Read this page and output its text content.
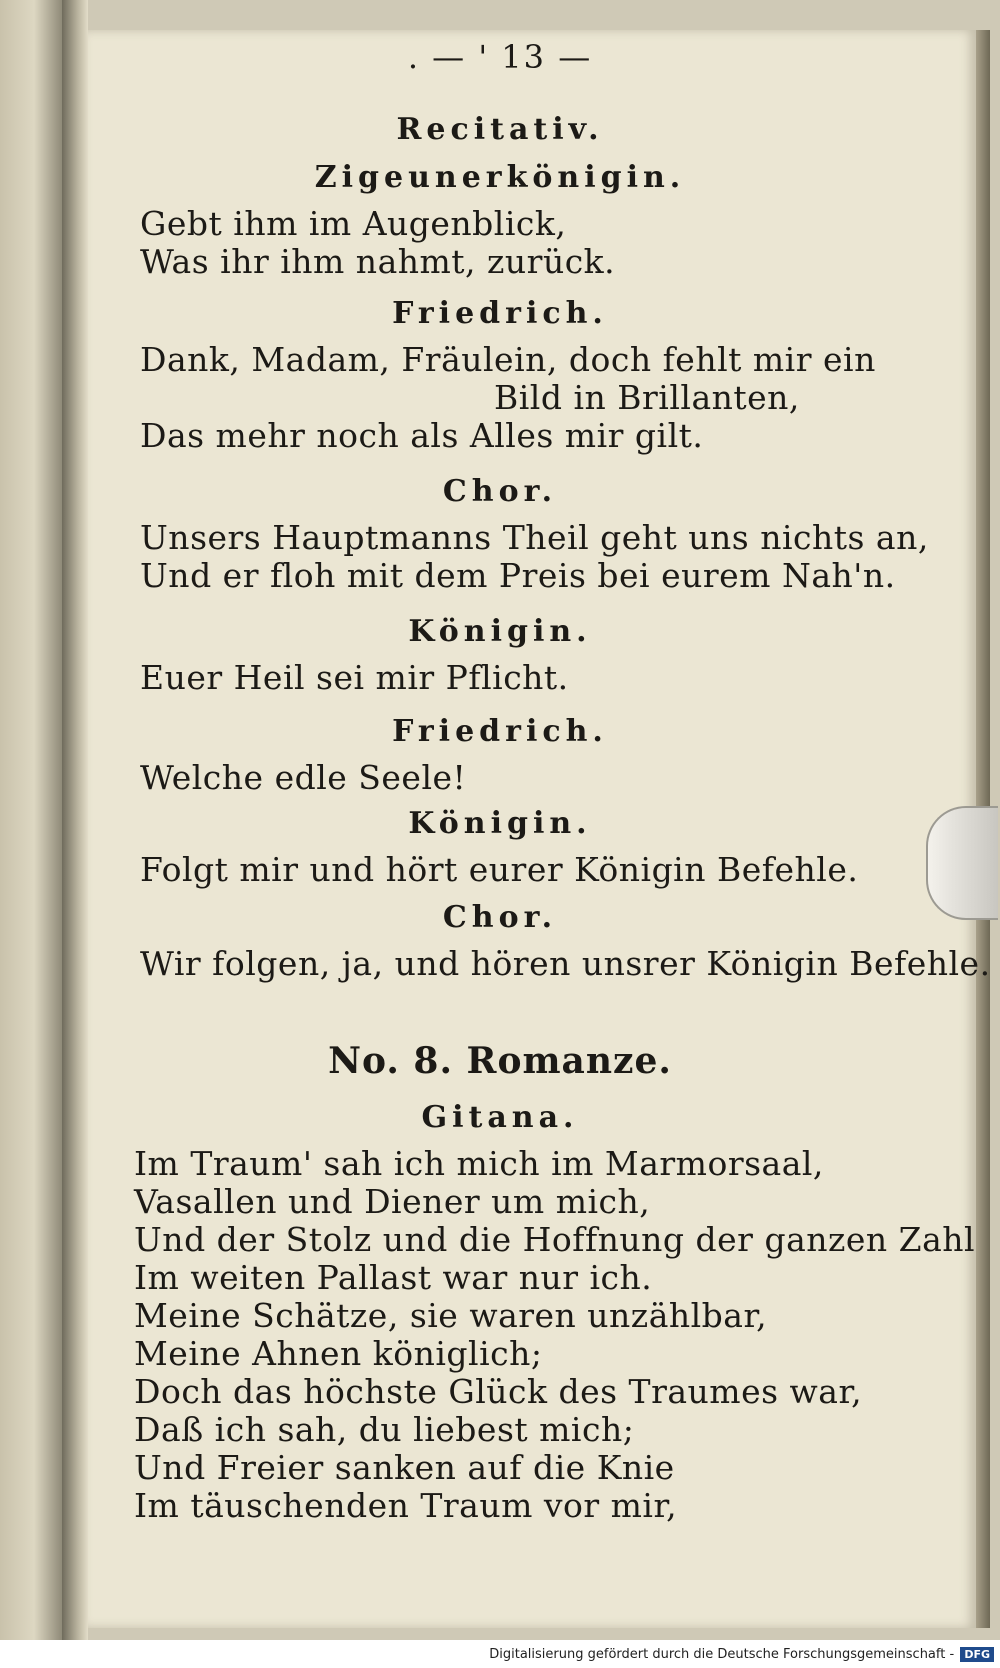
. — ' 13 —
Recitativ.
Zigeunerkönigin.
Gebt ihm im Augenblick,
Was ihr ihm nahmt, zurück.
Friedrich.
Dank, Madam, Fräulein, doch fehlt mir ein
Bild in Brillanten,
Das mehr noch als Alles mir gilt.
Chor.
Unsers Hauptmanns Theil geht uns nichts an,
Und er floh mit dem Preis bei eurem Nah'n.
Königin.
Euer Heil sei mir Pflicht.
Friedrich.
Welche edle Seele!
Königin.
Folgt mir und hört eurer Königin Befehle.
Chor.
Wir folgen, ja, und hören unsrer Königin Befehle.
No. 8. Romanze.
Gitana.
Im Traum' sah ich mich im Marmorsaal,
Vasallen und Diener um mich,
Und der Stolz und die Hoffnung der ganzen Zahl
Im weiten Pallast war nur ich.
Meine Schätze, sie waren unzählbar,
Meine Ahnen königlich;
Doch das höchste Glück des Traumes war,
Daß ich sah, du liebest mich;
Und Freier sanken auf die Knie
Im täuschenden Traum vor mir,
Digitalisierung gefördert durch die Deutsche Forschungsgemeinschaft - DFG
